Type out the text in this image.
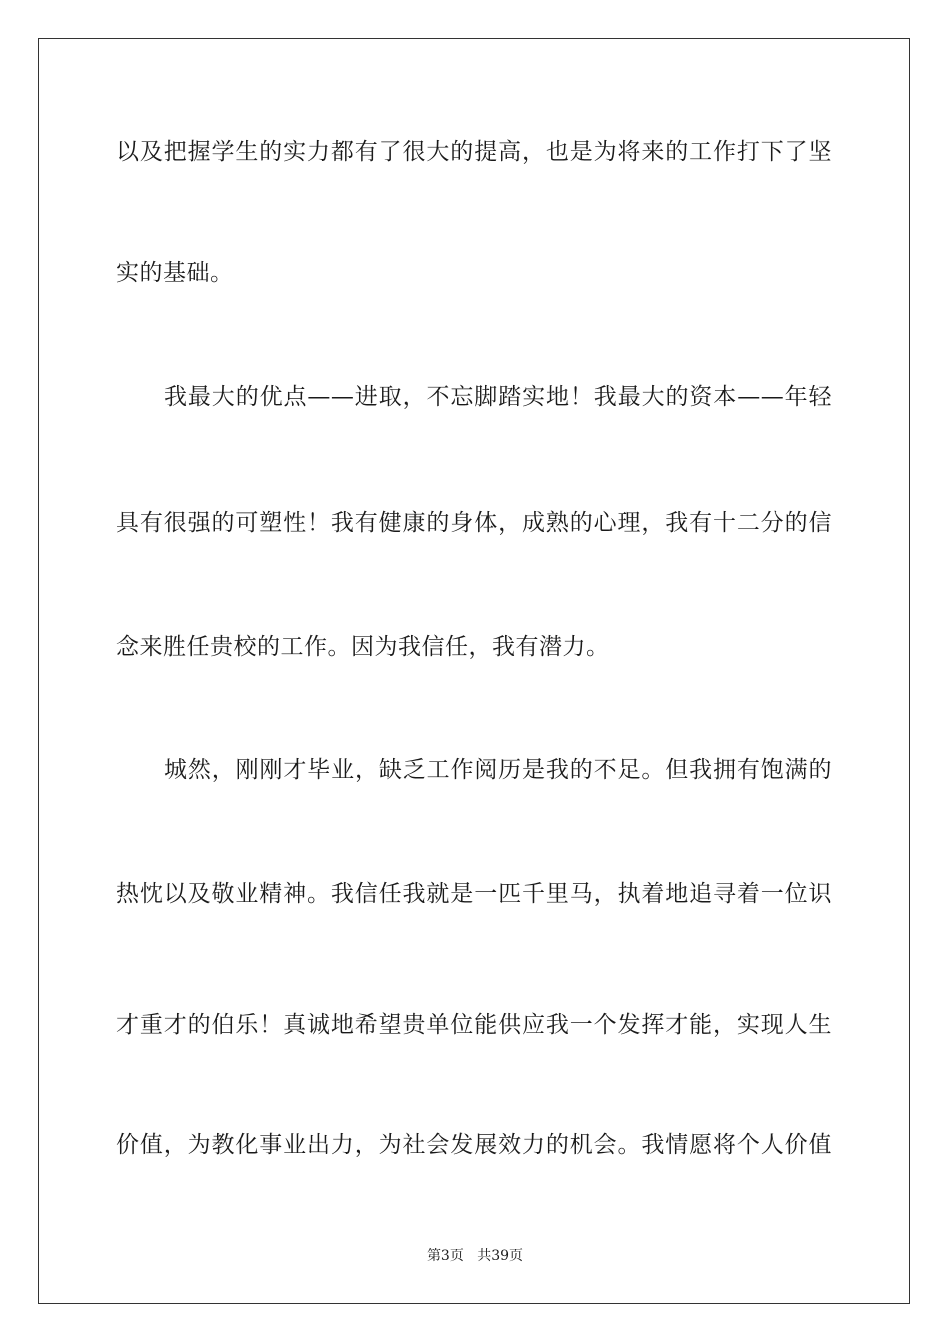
以及把握学生的实力都有了很大的提高，也是为将来的工作打下了坚
实的基础。
我最大的优点——进取，不忘脚踏实地！我最大的资本——年轻
具有很强的可塑性！我有健康的身体，成熟的心理，我有十二分的信
念来胜任贵校的工作。因为我信任，我有潜力。
城然，刚刚才毕业，缺乏工作阅历是我的不足。但我拥有饱满的
热忱以及敬业精神。我信任我就是一匹千里马，执着地追寻着一位识
才重才的伯乐！真诚地希望贵单位能供应我一个发挥才能，实现人生
价值，为教化事业出力，为社会发展效力的机会。我情愿将个人价值
第3页 共39页
